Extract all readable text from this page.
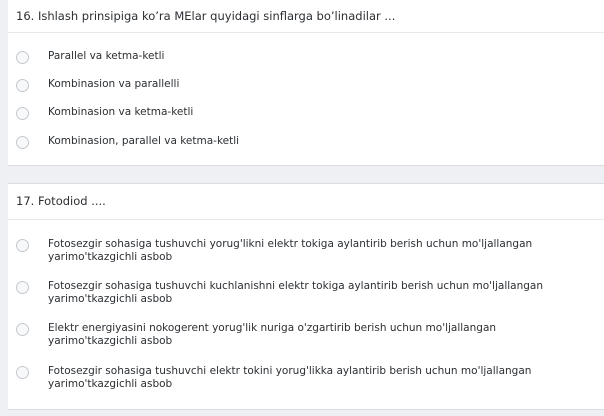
16. Ishlash prinsipiga ko’ra MElar quyidagi sinflarga bo’linadilar ...
Parallel va ketma-ketli
Kombinasion va parallelli
Kombinasion va ketma-ketli
Kombinasion, parallel va ketma-ketli
17. Fotodiod ....
Fotosezgir sohasiga tushuvchi yorug'likni elektr tokiga aylantirib berish uchun mo'ljallangan yarimo'tkazgichli asbob
Fotosezgir sohasiga tushuvchi kuchlanishni elektr tokiga aylantirib berish uchun mo'ljallangan yarimo'tkazgichli asbob
Elektr energiyasini nokogerent yorug'lik nuriga o'zgartirib berish uchun mo'ljallangan yarimo'tkazgichli asbob
Fotosezgir sohasiga tushuvchi elektr tokini yorug'likka aylantirib berish uchun mo'ljallangan yarimo'tkazgichli asbob
